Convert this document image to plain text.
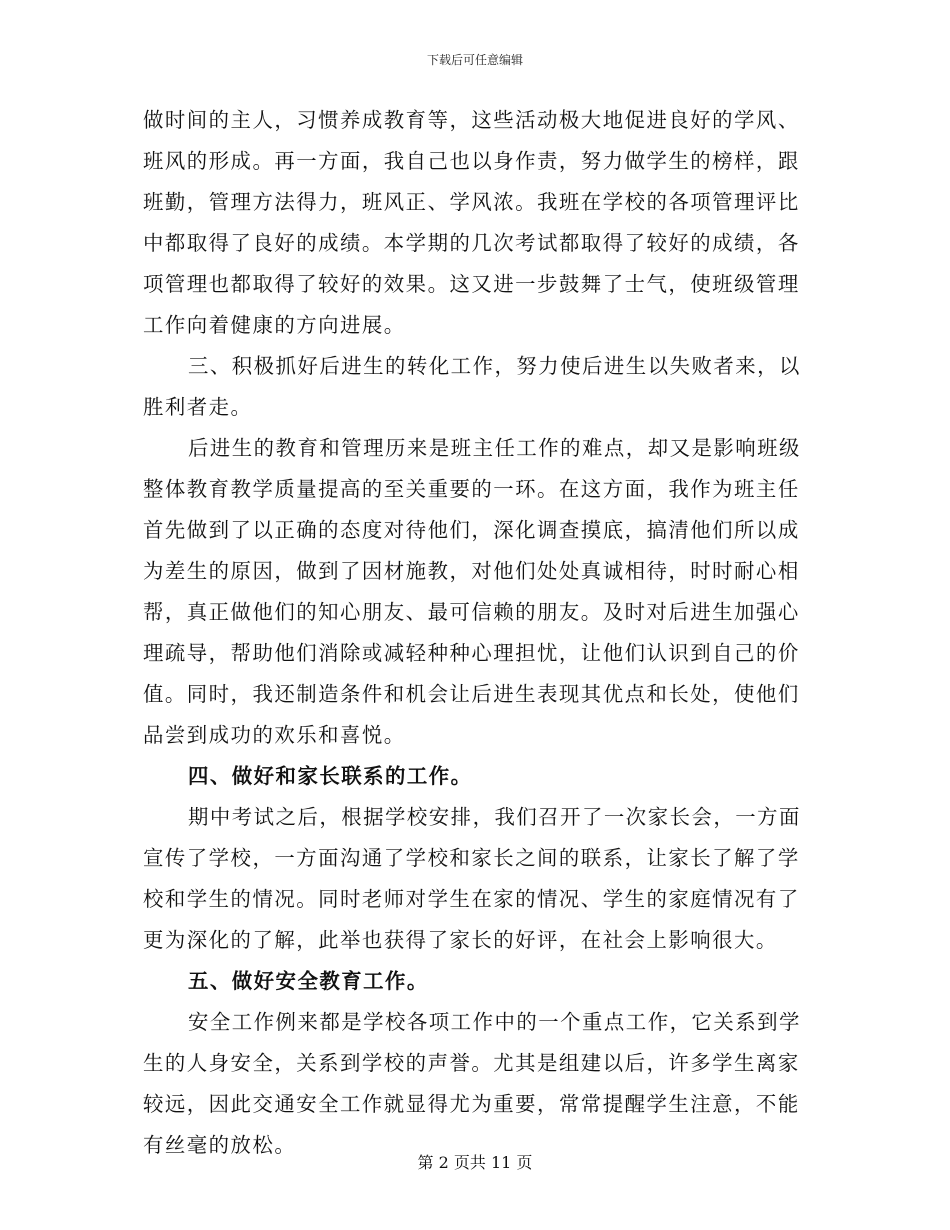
下载后可任意编辑
做时间的主人，习惯养成教育等，这些活动极大地促进良好的学风、
班风的形成。再一方面，我自己也以身作责，努力做学生的榜样，跟
班勤，管理方法得力，班风正、学风浓。我班在学校的各项管理评比
中都取得了良好的成绩。本学期的几次考试都取得了较好的成绩，各
项管理也都取得了较好的效果。这又进一步鼓舞了士气，使班级管理
工作向着健康的方向进展。
三、积极抓好后进生的转化工作，努力使后进生以失败者来，以
胜利者走。
后进生的教育和管理历来是班主任工作的难点，却又是影响班级
整体教育教学质量提高的至关重要的一环。在这方面，我作为班主任
首先做到了以正确的态度对待他们，深化调查摸底，搞清他们所以成
为差生的原因，做到了因材施教，对他们处处真诚相待，时时耐心相
帮，真正做他们的知心朋友、最可信赖的朋友。及时对后进生加强心
理疏导，帮助他们消除或减轻种种心理担忧，让他们认识到自己的价
值。同时，我还制造条件和机会让后进生表现其优点和长处，使他们
品尝到成功的欢乐和喜悦。
四、做好和家长联系的工作。
期中考试之后，根据学校安排，我们召开了一次家长会，一方面
宣传了学校，一方面沟通了学校和家长之间的联系，让家长了解了学
校和学生的情况。同时老师对学生在家的情况、学生的家庭情况有了
更为深化的了解，此举也获得了家长的好评，在社会上影响很大。
五、做好安全教育工作。
安全工作例来都是学校各项工作中的一个重点工作，它关系到学
生的人身安全，关系到学校的声誉。尤其是组建以后，许多学生离家
较远，因此交通安全工作就显得尤为重要，常常提醒学生注意，不能
有丝毫的放松。
第 2 页共 11 页
